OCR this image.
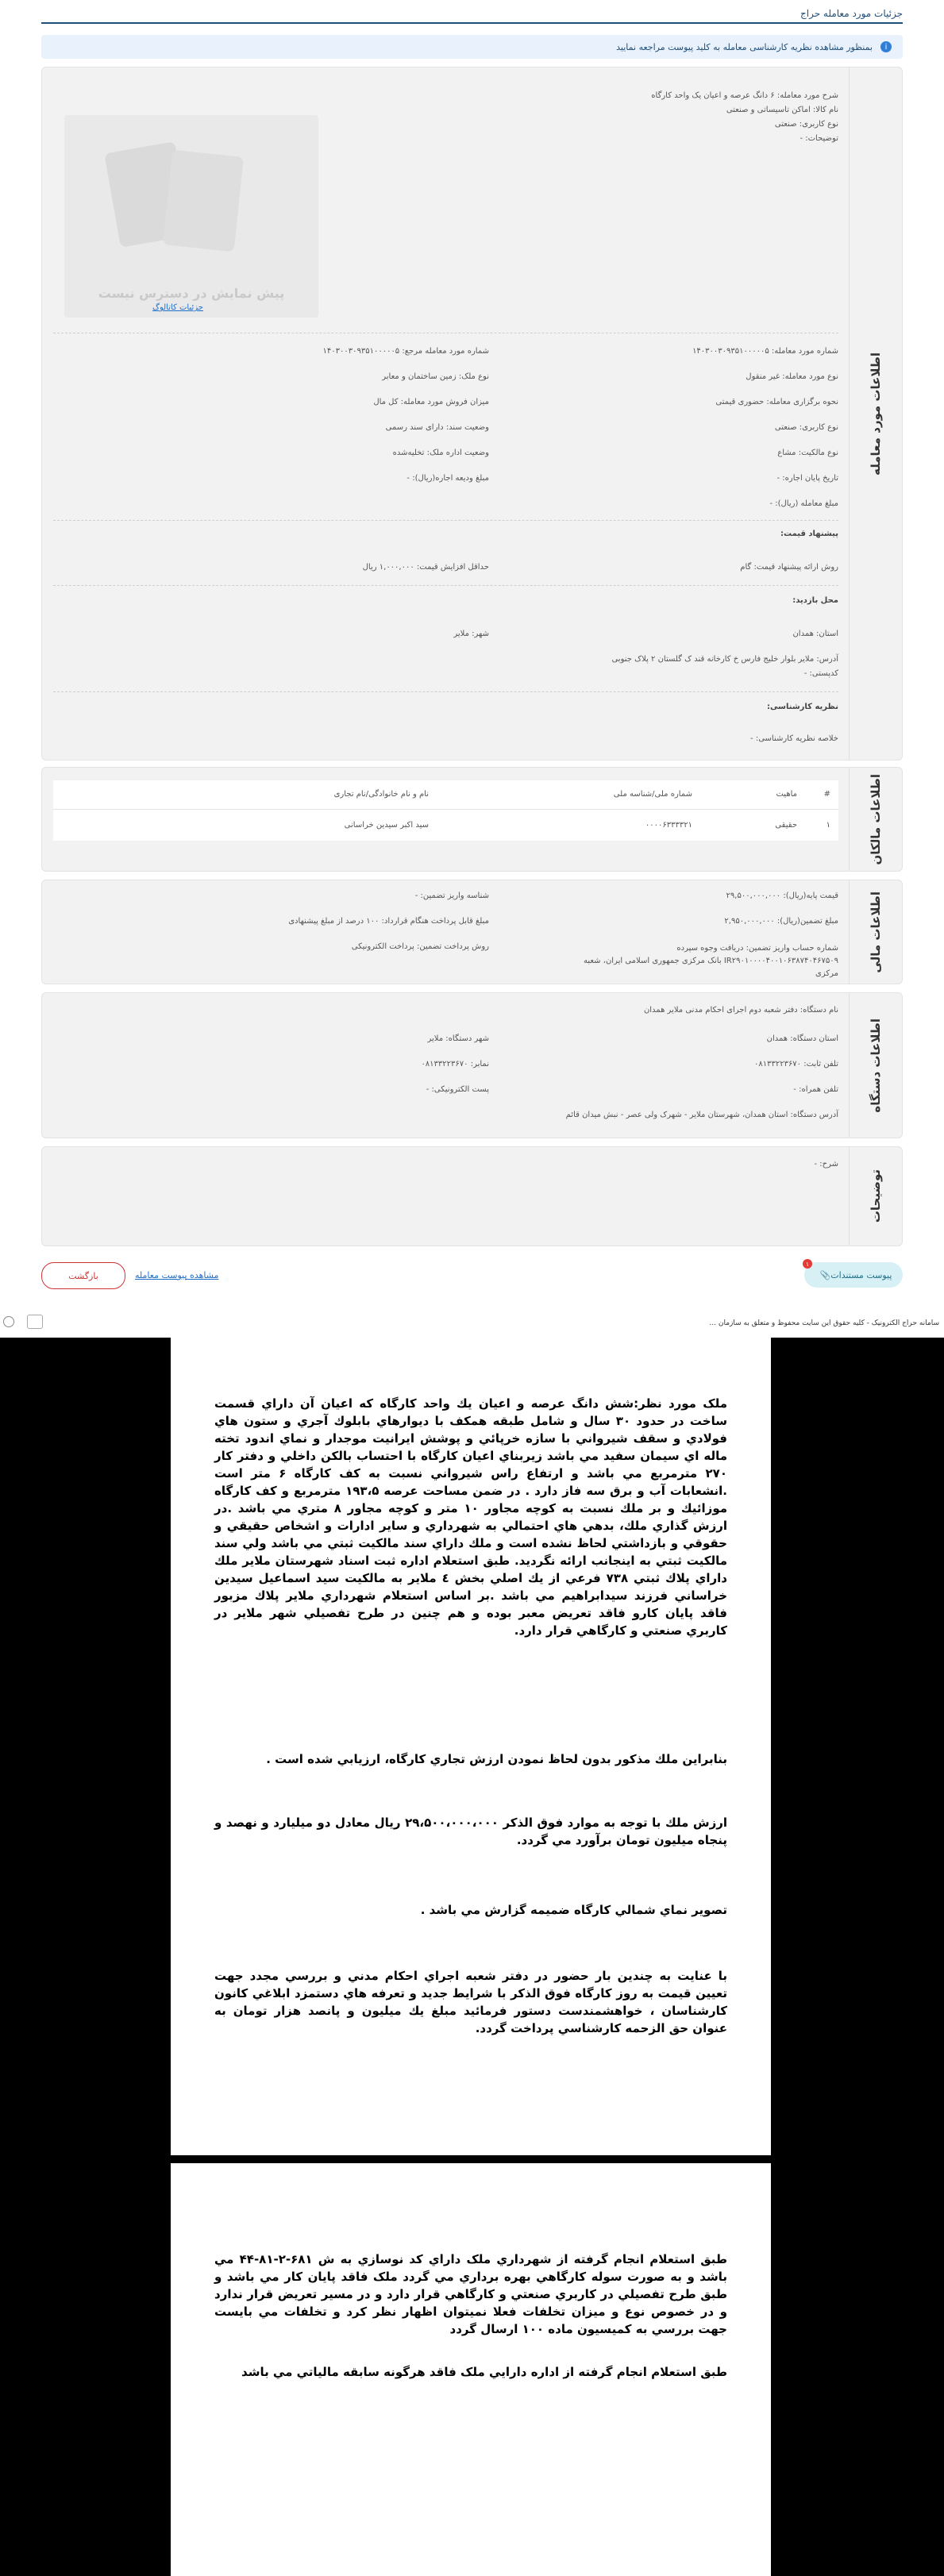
جزئیات مورد معامله حراج
i
بمنظور مشاهده نظریه کارشناسی معامله به کلید پیوست مراجعه نمایید
اطلاعات مورد معامله
شرح مورد معامله: ۶ دانگ عرصه و اعیان یک واحد کارگاه
نام کالا: اماکن تاسیساتی و صنعتی
نوع کاربری: صنعتی
توضیحات: -
پیش نمایش در دسترس نیست
جزئیات کاتالوگ
شماره مورد معامله: ۱۴۰۳۰۰۳۰۹۳۵۱۰۰۰۰۰۵
نوع مورد معامله: غیر منقول
نحوه برگزاری معامله: حضوری قیمتی
نوع کاربری: صنعتی
نوع مالکیت: مشاع
تاریخ پایان اجاره: -
مبلغ معامله (ریال): -
شماره مورد معامله مرجع: ۱۴۰۳۰۰۳۰۹۳۵۱۰۰۰۰۰۵
نوع ملک: زمین ساختمان و معابر
میزان فروش مورد معامله: کل مال
وضعیت سند: دارای سند رسمی
وضعیت اداره ملک: تخلیه‌شده
مبلغ ودیعه اجاره(ریال): -
پیشنهاد قیمت:
روش ارائه پیشنهاد قیمت: گام
حداقل افزایش قیمت: ۱,۰۰۰,۰۰۰ ریال
محل بازدید:
استان: همدان
شهر: ملایر
آدرس: ملایر بلوار خلیج فارس خ کارخانه قند ک گلستان ۲ پلاک جنوبی
کدپستی: -
نظریه کارشناسی:
خلاصه نظریه کارشناسی: -
اطلاعات مالکان
#	ماهیت	شماره ملی/شناسه ملی	نام و نام خانوادگی/نام تجاری
۱	حقیقی	۰۰۰۰۶۳۳۳۳۲۱	سید اکبر سیدین خراسانی
اطلاعات مالی
قیمت پایه(ریال): ۲۹,۵۰۰,۰۰۰,۰۰۰
مبلغ تضمین(ریال): ۲,۹۵۰,۰۰۰,۰۰۰
شماره حساب واریز تضمین: دریافت وجوه سپرده IR۲۹۰۱۰۰۰۰۴۰۰۱۰۶۳۸۷۴۰۴۶۷۵۰۹ بانک مرکزی جمهوری اسلامی ایران، شعبه مرکزی
شناسه واریز تضمین: -
مبلغ قابل پرداخت هنگام قرارداد: ۱۰۰ درصد از مبلغ پیشنهادی
روش پرداخت تضمین: پرداخت الکترونیکی
اطلاعات دستگاه
نام دستگاه: دفتر شعبه دوم اجرای احکام مدنی ملایر همدان
استان دستگاه: همدان
تلفن ثابت: ۰۸۱۳۳۲۲۳۶۷۰
تلفن همراه: -
آدرس دستگاه: استان همدان، شهرستان ملایر - شهرک ولی عصر - نبش میدان قائم
شهر دستگاه: ملایر
نمابر: ۰۸۱۳۳۲۲۳۶۷۰
پست الکترونیکی: -
توضیحات
شرح: -
📎 پیوست مستندات
۱
مشاهده پیوست معامله
بازگشت
سامانه حراج الکترونیک - کلیه حقوق این سایت محفوظ و متعلق به سازمان ...
ملک مورد نظر:شش دانگ عرصه و اعیان یك واحد كارگاه كه اعيان آن داراي قسمت ساخت در حدود ۳۰ سال و شامل طبقه همكف با ديوارهاي بابلوك آجري و ستون هاي فولادي و سقف شيرواني با سازه خرپائي و پوشش ايرانيت موجدار و نماي اندود تخته ماله اي سيمان سفيد مي باشد زيربناي اعيان كارگاه با احتساب بالكن داخلي و دفتر كار ۲۷۰ مترمربع مي باشد و ارتفاع راس شيرواني نسبت به كف كارگاه ۶ متر است .انشعابات آب و برق سه فاز دارد . در ضمن مساحت عرصه ۱۹۳،۵ مترمربع و كف كارگاه موزائيك و بر ملك نسبت به كوچه مجاور ۱۰ متر و كوچه مجاور ۸ متري مي باشد .در ارزش گذاري ملك، بدهي هاي احتمالي به شهرداري و ساير ادارات و اشخاص حقيقي و حقوقي و بازداشتي لحاظ نشده است و ملك داراي سند مالكيت ثبتي مي باشد ولي سند مالكيت ثبتي به اينجانب ارائه نگرديد. طبق استعلام اداره ثبت اسناد شهرستان ملاير ملك داراي پلاك ثبتي ۷۳۸ فرعي از يك اصلي بخش ٤ ملاير به مالكيت سيد اسماعيل سيدين خراساني فرزند سيدابراهيم مي باشد .بر اساس استعلام شهرداري ملاير پلاك مزبور فاقد پايان كارو فاقد تعريض معبر بوده و هم چنين در طرح تفصيلي شهر ملاير در كاربري صنعتي و كارگاهي قرار دارد.
بنابراين ملك مذكور بدون لحاظ نمودن ارزش تجاري كارگاه، ارزيابي شده است .
ارزش ملك با توجه به موارد فوق الذكر ۲۹،۵۰۰،۰۰۰،۰۰۰ ريال معادل دو ميليارد و نهصد و پنجاه ميليون تومان برآورد مي گردد.
تصوير نماي شمالي كارگاه ضميمه گزارش مي باشد .
با عنايت به چندين بار حضور در دفتر شعبه اجراي احكام مدني و بررسي مجدد جهت تعيين قيمت به روز كارگاه فوق الذكر با شرايط جديد و تعرفه هاي دستمزد ابلاغي كانون كارشناسان ، خواهشمندست دستور فرمائيد مبلغ يك ميليون و پانصد هزار تومان به عنوان حق الزحمه كارشناسي پرداخت گردد.
طبق استعلام انجام گرفته از شهرداري ملک داراي کد نوسازي به ش ۶۸۱-۲-۸۱-۴۴ مي باشد و به صورت سوله کارگاهي بهره برداري مي گردد ملک فاقد پايان کار مي باشد و طبق طرح تفصيلي در کاربري صنعتي و کارگاهي قرار دارد و در مسير تعريض قرار ندارد و در خصوص نوع و ميزان تخلفات فعلا نميتوان اظهار نظر کرد و تخلفات مي بايست جهت بررسي به کميسيون ماده ۱۰۰ ارسال گردد
طبق استعلام انجام گرفته از اداره دارايي ملک فاقد هرگونه سابقه مالياتي مي باشد
